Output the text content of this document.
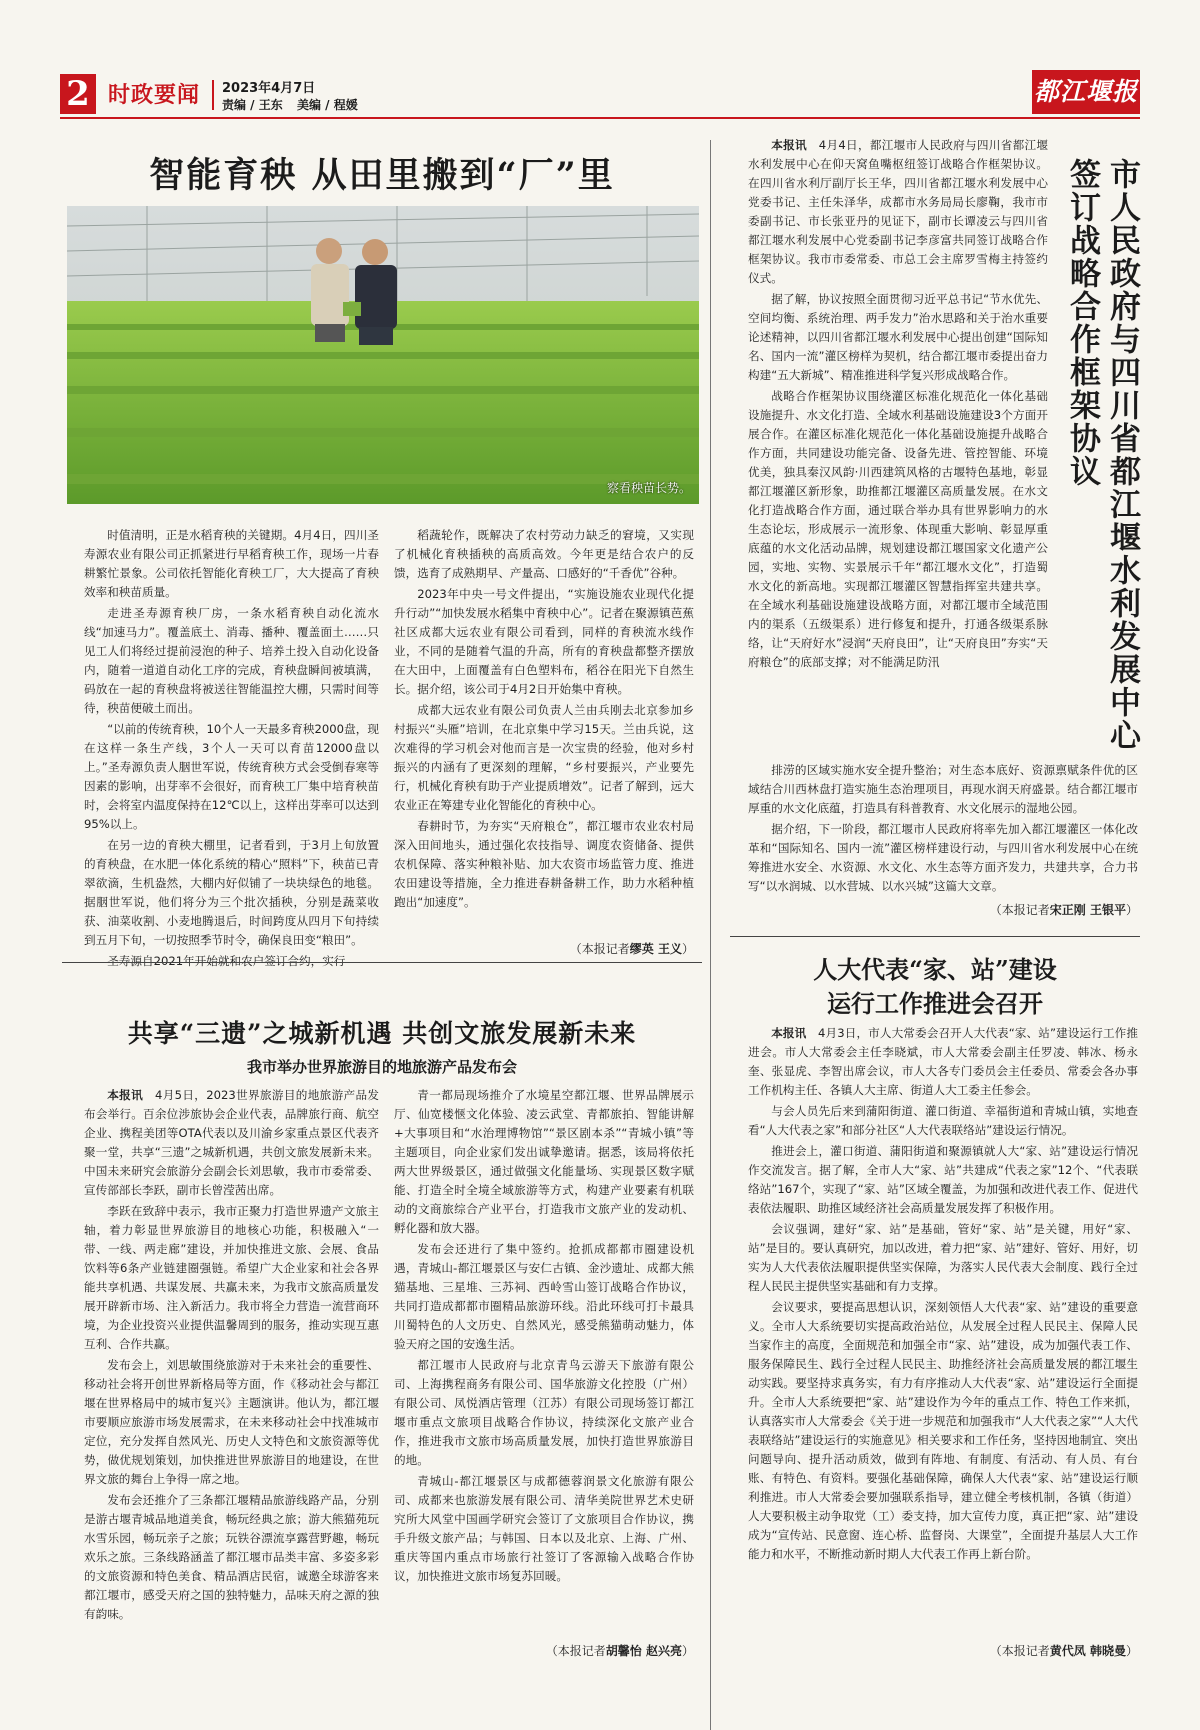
2 时政要闻 2023年4月7日
责编 / 王东 美编 / 程媛	都江堰报
智能育秧 从田里搬到“厂”里
察看秧苗长势。

时值清明，正是水稻育秧的关键期。4月4日，四川圣寿源农业有限公司正抓紧进行早稻育秧工作，现场一片春耕繁忙景象。公司依托智能化育秧工厂，大大提高了育秧效率和秧苗质量。

走进圣寿源育秧厂房，一条水稻育秧自动化流水线“加速马力”。覆盖底土、消毒、播种、覆盖面土……只见工人们将经过提前浸泡的种子、培养土投入自动化设备内，随着一道道自动化工序的完成，育秧盘瞬间被填满，码放在一起的育秧盘将被送往智能温控大棚，只需时间等待，秧苗便破土而出。

“以前的传统育秧，10个人一天最多育秧2000盘，现在这样一条生产线，3个人一天可以育苗12000盘以上。”圣寿源负责人胭世军说，传统育秧方式会受倒春寒等因素的影响，出芽率不会很好，而育秧工厂集中培育秧苗时，会将室内温度保持在12℃以上，这样出芽率可以达到95%以上。

在另一边的育秧大棚里，记者看到，于3月上旬放置的育秧盘，在水肥一体化系统的精心“照料”下，秧苗已青翠欲滴，生机盎然，大棚内好似铺了一块块绿色的地毯。据胭世军说，他们将分为三个批次插秧，分别是蔬菜收获、油菜收割、小麦地腾退后，时间跨度从四月下旬持续到五月下旬，一切按照季节时令，确保良田变“粮田”。

圣寿源自2021年开始就和农户签订合约，实行

稻蔬轮作，既解决了农村劳动力缺乏的窘境，又实现了机械化育秧插秧的高质高效。今年更是结合农户的反馈，选育了成熟期早、产量高、口感好的“千香优”谷种。

2023年中央一号文件提出，“实施设施农业现代化提升行动”“加快发展水稻集中育秧中心”。记者在聚源镇芭蕉社区成都大远农业有限公司看到，同样的育秧流水线作业，不同的是随着气温的升高，所有的育秧盘都整齐摆放在大田中，上面覆盖有白色塑料布，稻谷在阳光下自然生长。据介绍，该公司于4月2日开始集中育秧。

成都大远农业有限公司负责人兰由兵刚去北京参加乡村振兴“头雁”培训，在北京集中学习15天。兰由兵说，这次难得的学习机会对他而言是一次宝贵的经验，他对乡村振兴的内涵有了更深刻的理解，“乡村要振兴，产业要先行，机械化育秧有助于产业提质增效”。记者了解到，远大农业正在筹建专业化智能化的育秧中心。

春耕时节，为夯实“天府粮仓”，都江堰市农业农村局深入田间地头，通过强化农技指导、调度农资储备、提供农机保障、落实种粮补贴、加大农资市场监管力度、推进农田建设等措施，全力推进春耕备耕工作，助力水稻种植跑出“加速度”。

（本报记者缪英 王义）
共享“三遗”之城新机遇 共创文旅发展新未来
我市举办世界旅游目的地旅游产品发布会

本报讯　 4月5日，2023世界旅游目的地旅游产品发布会举行。百余位涉旅协会企业代表，品牌旅行商、航空企业、携程美团等OTA代表以及川渝乡家重点景区代表齐聚一堂，共享“三遗”之城新机遇，共创文旅发展新未来。中国未来研究会旅游分会副会长刘思敏，我市市委常委、宣传部部长李跃，副市长曾滢茜出席。

李跃在致辞中表示，我市正聚力打造世界遗产文旅主轴，着力彰显世界旅游目的地核心功能，积极融入“一带、一线、两走廊”建设，并加快推进文旅、会展、食品饮料等6条产业链建圈强链。希望广大企业家和社会各界能共享机遇、共谋发展、共赢未来，为我市文旅高质量发展开辟新市场、注入新活力。我市将全力营造一流营商环境，为企业投资兴业提供温馨周到的服务，推动实现互惠互利、合作共赢。

发布会上，刘思敏围绕旅游对于未来社会的重要性、移动社会将开创世界新格局等方面，作《移动社会与都江堰在世界格局中的城市复兴》主题演讲。他认为，都江堰市要顺应旅游市场发展需求，在未来移动社会中找准城市定位，充分发挥自然风光、历史人文特色和文旅资源等优势，做优规划策划，加快推进世界旅游目的地建设，在世界文旅的舞台上争得一席之地。

发布会还推介了三条都江堰精品旅游线路产品，分别是游古堰青城品地道美食，畅玩经典之旅；游大熊猫苑玩水雪乐园，畅玩亲子之旅；玩铁谷漂流享露营野趣，畅玩欢乐之旅。三条线路涵盖了都江堰市品类丰富、多姿多彩的文旅资源和特色美食、精品酒店民宿，诚邀全球游客来都江堰市，感受天府之国的独特魅力，品味天府之源的独有韵味。

青一都局现场推介了水境星空都江堰、世界品牌展示厅、仙宽楼惬文化体验、凌云武堂、青都旅拍、智能讲解+大事项目和“水治理博物馆”“景区剧本杀”“青城小镇”等主题项目，向企业家们发出诚挚邀请。据悉，该局将依托两大世界级景区，通过做强文化能量场、实现景区数字赋能、打造全时全境全域旅游等方式，构建产业要素有机联动的文商旅综合产业平台，打造我市文旅产业的发动机、孵化器和放大器。

发布会还进行了集中签约。抢抓成都都市圈建设机遇，青城山-都江堰景区与安仁古镇、金沙遗址、成都大熊猫基地、三星堆、三苏祠、西岭雪山签订战略合作协议，共同打造成都都市圈精品旅游环线。沿此环线可打卡最具川蜀特色的人文历史、自然风光，感受熊猫萌动魅力，体验天府之国的安逸生活。

都江堰市人民政府与北京青鸟云游天下旅游有限公司、上海携程商务有限公司、国华旅游文化控股（广州）有限公司、凤悦酒店管理（江苏）有限公司现场签订都江堰市重点文旅项目战略合作协议，持续深化文旅产业合作，推进我市文旅市场高质量发展，加快打造世界旅游目的地。

青城山-都江堰景区与成都德蓉润景文化旅游有限公司、成都来也旅游发展有限公司、清华美院世界艺术史研究所大风堂中国画学研究会签订了文旅项目合作协议，携手升级文旅产品；与韩国、日本以及北京、上海、广州、重庆等国内重点市场旅行社签订了客源输入战略合作协议，加快推进文旅市场复苏回暖。

（本报记者胡馨怡 赵兴亮）
市人民政府与四川省都江堰水利发展中心
签订战略合作框架协议

本报讯　 4月4日，都江堰市人民政府与四川省都江堰水利发展中心在仰天窝鱼嘴枢纽签订战略合作框架协议。在四川省水利厅副厅长王华，四川省都江堰水利发展中心党委书记、主任朱泽华，成都市水务局局长廖鞠，我市市委副书记、市长张亚丹的见证下，副市长谭凌云与四川省都江堰水利发展中心党委副书记李彦富共同签订战略合作框架协议。我市市委常委、市总工会主席罗雪梅主持签约仪式。

据了解，协议按照全面贯彻习近平总书记“节水优先、空间均衡、系统治理、两手发力”治水思路和关于治水重要论述精神，以四川省都江堰水利发展中心提出创建“国际知名、国内一流”灌区榜样为契机，结合都江堰市委提出奋力构建“五大新城”、精准推进科学复兴形成战略合作。

战略合作框架协议围绕灌区标准化规范化一体化基础设施提升、水文化打造、全域水利基础设施建设3个方面开展合作。在灌区标准化规范化一体化基础设施提升战略合作方面，共同建设功能完备、设备先进、管控智能、环境优美，独具秦汉风韵·川西建筑风格的古堰特色基地，彰显都江堰灌区新形象，助推都江堰灌区高质量发展。在水文化打造战略合作方面，通过联合举办具有世界影响力的水生态论坛，形成展示一流形象、体现重大影响、彰显厚重底蕴的水文化活动品牌，规划建设都江堰国家文化遗产公园，实地、实物、实景展示千年“都江堰水文化”，打造蜀水文化的新高地。实现都江堰灌区智慧指挥室共建共享。在全域水利基础设施建设战略方面，对都江堰市全域范围内的渠系（五级渠系）进行修复和提升，打通各级渠系脉络，让“天府好水”浸润“天府良田”，让“天府良田”夯实“天府粮仓”的底部支撑；对不能满足防汛

排涝的区域实施水安全提升整治；对生态本底好、资源禀赋条件优的区域结合川西林盘打造实施生态治理项目，再现水润天府盛景。结合都江堰市厚重的水文化底蕴，打造具有科普教育、水文化展示的湿地公园。

据介绍，下一阶段，都江堰市人民政府将率先加入都江堰灌区一体化改革和“国际知名、国内一流”灌区榜样建设行动，与四川省水利发展中心在统筹推进水安全、水资源、水文化、水生态等方面齐发力，共建共享，合力书写“以水润城、以水营城、以水兴城”这篇大文章。

（本报记者宋正刚 王银平）
人大代表“家、站”建设
运行工作推进会召开

本报讯　 4月3日，市人大常委会召开人大代表“家、站”建设运行工作推进会。市人大常委会主任李晓斌，市人大常委会副主任罗凌、韩冰、杨永奎、张显虎、李智出席会议，市人大各专门委员会主任委员、常委会各办事工作机构主任、各镇人大主席、街道人大工委主任参会。

与会人员先后来到蒲阳街道、灌口街道、幸福街道和青城山镇，实地查看“人大代表之家”和部分社区“人大代表联络站”建设运行情况。

推进会上，灌口街道、蒲阳街道和聚源镇就人大“家、站”建设运行情况作交流发言。据了解，全市人大“家、站”共建成“代表之家”12个、“代表联络站”167个，实现了“家、站”区域全覆盖，为加强和改进代表工作、促进代表依法履职、助推区域经济社会高质量发展发挥了积极作用。

会议强调，建好“家、站”是基础，管好“家、站”是关键，用好“家、站”是目的。要认真研究，加以改进，着力把“家、站”建好、管好、用好，切实为人大代表依法履职提供坚实保障，为落实人民代表大会制度、践行全过程人民民主提供坚实基础和有力支撑。

会议要求，要提高思想认识，深刻领悟人大代表“家、站”建设的重要意义。全市人大系统要切实提高政治站位，从发展全过程人民民主、保障人民当家作主的高度，全面规范和加强全市“家、站”建设，成为加强代表工作、服务保障民生、践行全过程人民民主、助推经济社会高质量发展的都江堰生动实践。要坚持求真务实，有力有序推动人大代表“家、站”建设运行全面提升。全市人大系统要把“家、站”建设作为今年的重点工作、特色工作来抓，认真落实市人大常委会《关于进一步规范和加强我市“人大代表之家”“人大代表联络站”建设运行的实施意见》相关要求和工作任务，坚持因地制宜、突出问题导向、提升活动质效，做到有阵地、有制度、有活动、有人员、有台账、有特色、有资料。要强化基础保障，确保人大代表“家、站”建设运行顺利推进。市人大常委会要加强联系指导，建立健全考核机制，各镇（街道）人大要积极主动争取党（工）委支持，加大宣传力度，真正把“家、站”建设成为“宣传站、民意窗、连心桥、监督岗、大课堂”，全面提升基层人大工作能力和水平，不断推动新时期人大代表工作再上新台阶。

（本报记者黄代凤 韩晓曼）
